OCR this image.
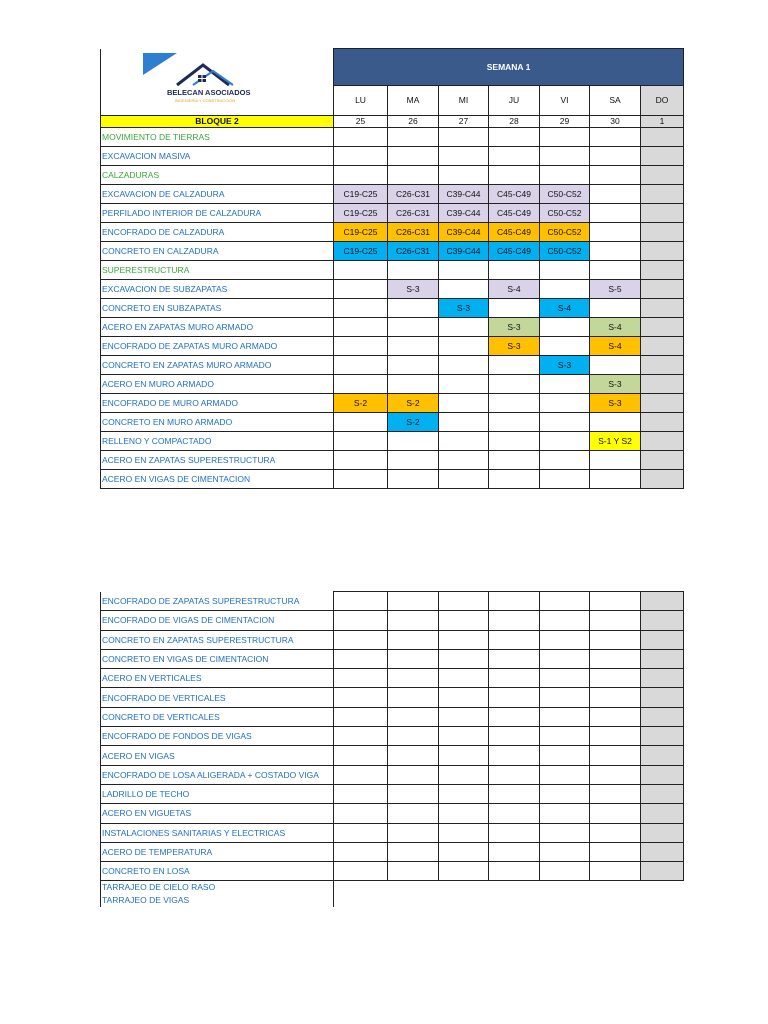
BELECAN ASOCIADOS
INGENIERÍA Y CONSTRUCCIÓN	SEMANA 1						
	LU	MA	MI	JU	VI	SA	DO
BLOQUE 2	25	26	27	28	29	30	1
MOVIMIENTO DE TIERRAS							
EXCAVACION MASIVA							
CALZADURAS							
EXCAVACION DE CALZADURA	C19-C25	C26-C31	C39-C44	C45-C49	C50-C52		
PERFILADO INTERIOR DE CALZADURA	C19-C25	C26-C31	C39-C44	C45-C49	C50-C52		
ENCOFRADO DE CALZADURA	C19-C25	C26-C31	C39-C44	C45-C49	C50-C52		
CONCRETO EN CALZADURA	C19-C25	C26-C31	C39-C44	C45-C49	C50-C52		
SUPERESTRUCTURA							
EXCAVACION DE SUBZAPATAS		S-3		S-4		S-5	
CONCRETO EN SUBZAPATAS			S-3		S-4		
ACERO EN ZAPATAS MURO ARMADO				S-3		S-4	
ENCOFRADO DE ZAPATAS MURO ARMADO				S-3		S-4	
CONCRETO EN ZAPATAS MURO ARMADO					S-3		
ACERO EN MURO ARMADO						S-3	
ENCOFRADO DE MURO ARMADO	S-2	S-2				S-3	
CONCRETO EN MURO ARMADO		S-2					
RELLENO Y COMPACTADO						S-1 Y S2	
ACERO EN ZAPATAS SUPERESTRUCTURA							
ACERO EN VIGAS DE CIMENTACION							
ENCOFRADO DE ZAPATAS SUPERESTRUCTURA							
ENCOFRADO DE VIGAS DE CIMENTACION							
CONCRETO EN ZAPATAS SUPERESTRUCTURA							
CONCRETO EN VIGAS DE CIMENTACION							
ACERO EN VERTICALES							
ENCOFRADO DE VERTICALES							
CONCRETO DE VERTICALES							
ENCOFRADO DE FONDOS DE VIGAS							
ACERO EN VIGAS							
ENCOFRADO DE LOSA ALIGERADA + COSTADO VIGA							
LADRILLO DE TECHO							
ACERO EN VIGUETAS							
INSTALACIONES SANITARIAS Y ELECTRICAS							
ACERO DE TEMPERATURA							
CONCRETO EN LOSA							

TARRAJEO DE CIELO RASO
TARRAJEO DE VIGAS							
